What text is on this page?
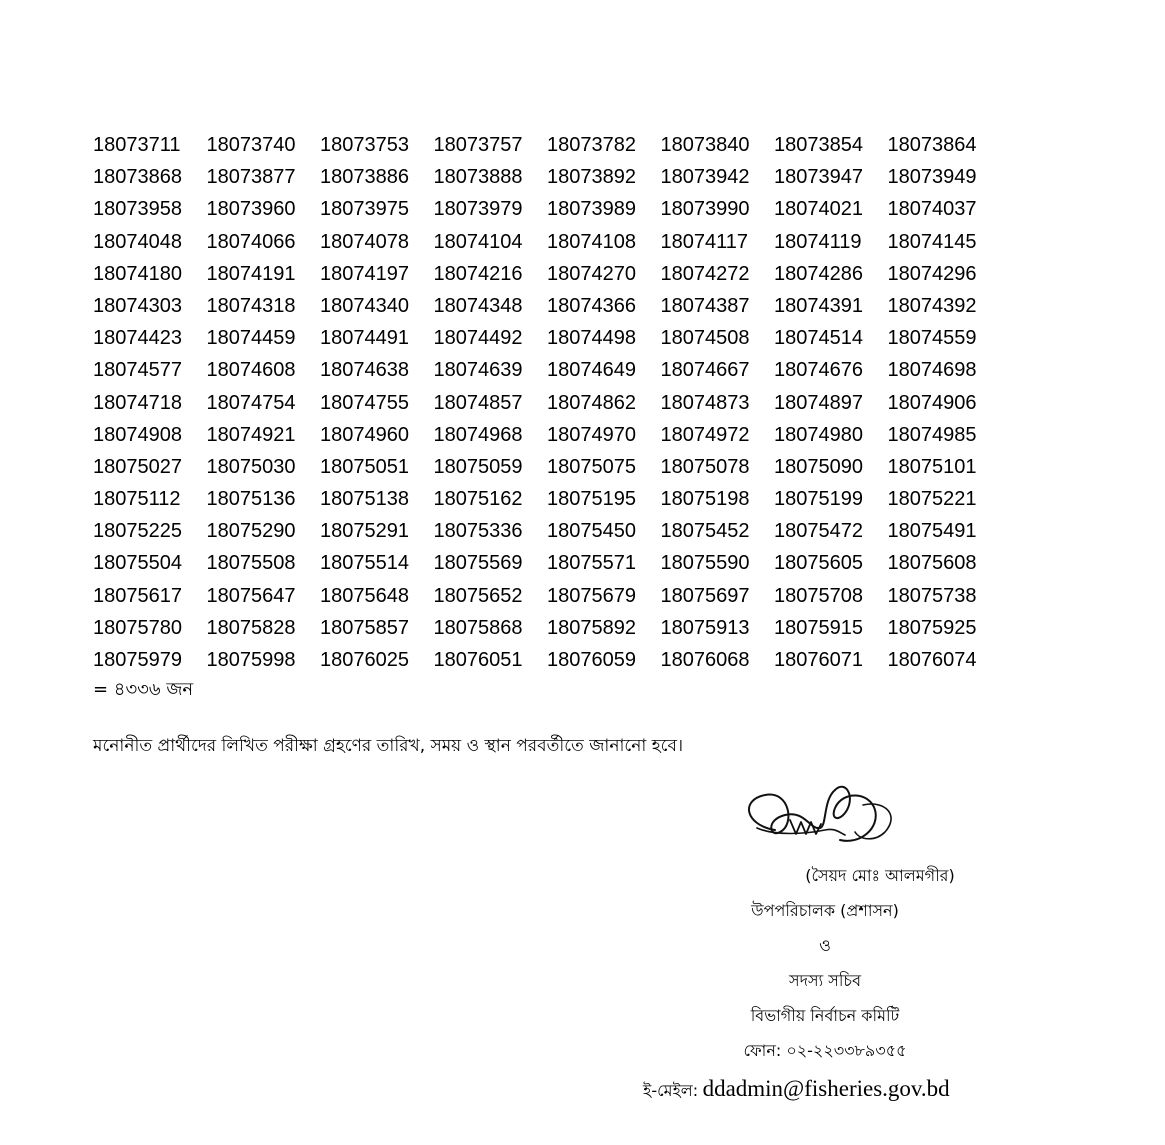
18073711	18073740	18073753	18073757	18073782	18073840	18073854	18073864
18073868	18073877	18073886	18073888	18073892	18073942	18073947	18073949
18073958	18073960	18073975	18073979	18073989	18073990	18074021	18074037
18074048	18074066	18074078	18074104	18074108	18074117	18074119	18074145
18074180	18074191	18074197	18074216	18074270	18074272	18074286	18074296
18074303	18074318	18074340	18074348	18074366	18074387	18074391	18074392
18074423	18074459	18074491	18074492	18074498	18074508	18074514	18074559
18074577	18074608	18074638	18074639	18074649	18074667	18074676	18074698
18074718	18074754	18074755	18074857	18074862	18074873	18074897	18074906
18074908	18074921	18074960	18074968	18074970	18074972	18074980	18074985
18075027	18075030	18075051	18075059	18075075	18075078	18075090	18075101
18075112	18075136	18075138	18075162	18075195	18075198	18075199	18075221
18075225	18075290	18075291	18075336	18075450	18075452	18075472	18075491
18075504	18075508	18075514	18075569	18075571	18075590	18075605	18075608
18075617	18075647	18075648	18075652	18075679	18075697	18075708	18075738
18075780	18075828	18075857	18075868	18075892	18075913	18075915	18075925
18075979	18075998	18076025	18076051	18076059	18076068	18076071	18076074
= ৪৩৩৬ জন
মনোনীত প্রার্থীদের লিখিত পরীক্ষা গ্রহণের তারিখ, সময় ও স্থান পরবর্তীতে জানানো হবে।
(সৈয়দ মোঃ আলমগীর)
উপপরিচালক (প্রশাসন)
ও
সদস্য সচিব
বিভাগীয় নির্বাচন কমিটি
ফোন: ০২-২২৩৩৮৯৩৫৫
ই-মেইল: ddadmin@fisheries.gov.bd
